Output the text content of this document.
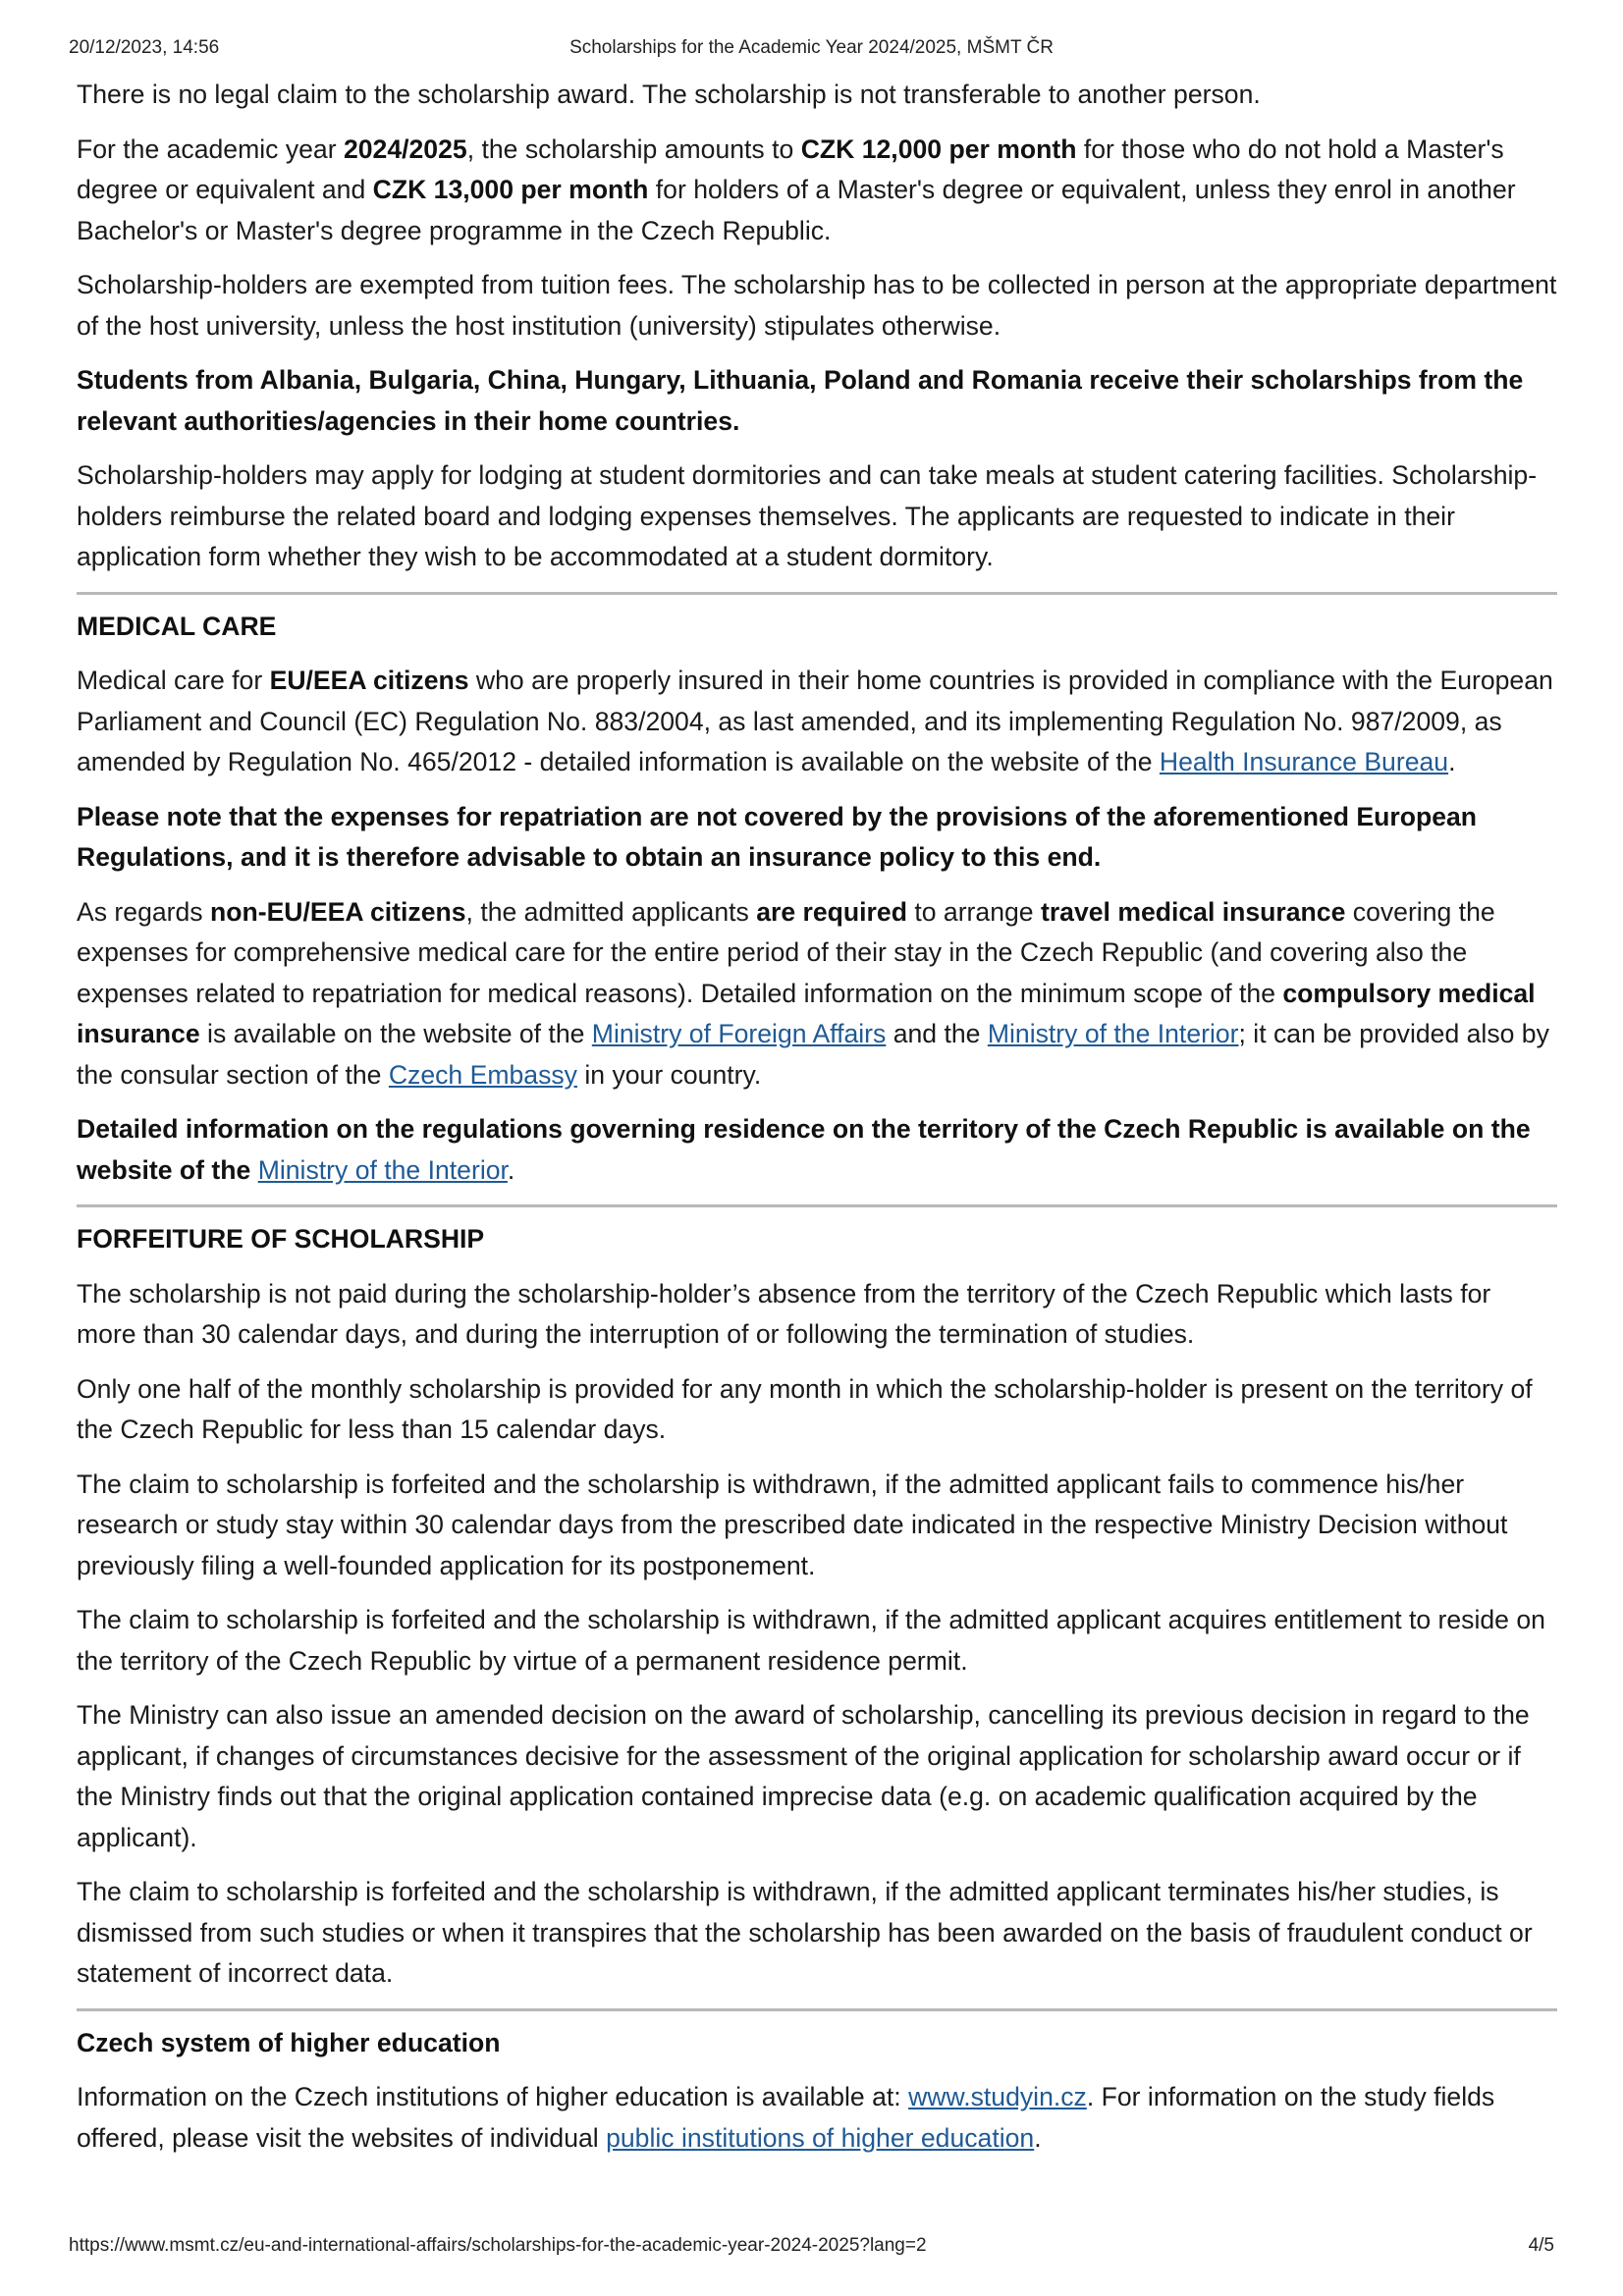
20/12/2023, 14:56	Scholarships for the Academic Year 2024/2025, MŠMT ČR

There is no legal claim to the scholarship award. The scholarship is not transferable to another person.

For the academic year 2024/2025, the scholarship amounts to CZK 12,000 per month for those who do not hold a Master's degree or equivalent and CZK 13,000 per month for holders of a Master's degree or equivalent, unless they enrol in another Bachelor's or Master's degree programme in the Czech Republic.

Scholarship-holders are exempted from tuition fees. The scholarship has to be collected in person at the appropriate department of the host university, unless the host institution (university) stipulates otherwise.

Students from Albania, Bulgaria, China, Hungary, Lithuania, Poland and Romania receive their scholarships from the relevant authorities/agencies in their home countries.

Scholarship-holders may apply for lodging at student dormitories and can take meals at student catering facilities. Scholarship-holders reimburse the related board and lodging expenses themselves. The applicants are requested to indicate in their application form whether they wish to be accommodated at a student dormitory.

MEDICAL CARE

Medical care for EU/EEA citizens who are properly insured in their home countries is provided in compliance with the European Parliament and Council (EC) Regulation No. 883/2004, as last amended, and its implementing Regulation No. 987/2009, as amended by Regulation No. 465/2012 - detailed information is available on the website of the Health Insurance Bureau.

Please note that the expenses for repatriation are not covered by the provisions of the aforementioned European Regulations, and it is therefore advisable to obtain an insurance policy to this end.

As regards non-EU/EEA citizens, the admitted applicants are required to arrange travel medical insurance covering the expenses for comprehensive medical care for the entire period of their stay in the Czech Republic (and covering also the expenses related to repatriation for medical reasons). Detailed information on the minimum scope of the compulsory medical insurance is available on the website of the Ministry of Foreign Affairs and the Ministry of the Interior; it can be provided also by the consular section of the Czech Embassy in your country.

Detailed information on the regulations governing residence on the territory of the Czech Republic is available on the website of the Ministry of the Interior.

FORFEITURE OF SCHOLARSHIP

The scholarship is not paid during the scholarship-holder’s absence from the territory of the Czech Republic which lasts for more than 30 calendar days, and during the interruption of or following the termination of studies.

Only one half of the monthly scholarship is provided for any month in which the scholarship-holder is present on the territory of the Czech Republic for less than 15 calendar days.

The claim to scholarship is forfeited and the scholarship is withdrawn, if the admitted applicant fails to commence his/her research or study stay within 30 calendar days from the prescribed date indicated in the respective Ministry Decision without previously filing a well-founded application for its postponement.

The claim to scholarship is forfeited and the scholarship is withdrawn, if the admitted applicant acquires entitlement to reside on the territory of the Czech Republic by virtue of a permanent residence permit.

The Ministry can also issue an amended decision on the award of scholarship, cancelling its previous decision in regard to the applicant, if changes of circumstances decisive for the assessment of the original application for scholarship award occur or if the Ministry finds out that the original application contained imprecise data (e.g. on academic qualification acquired by the applicant).

The claim to scholarship is forfeited and the scholarship is withdrawn, if the admitted applicant terminates his/her studies, is dismissed from such studies or when it transpires that the scholarship has been awarded on the basis of fraudulent conduct or statement of incorrect data.

Czech system of higher education

Information on the Czech institutions of higher education is available at: www.studyin.cz. For information on the study fields offered, please visit the websites of individual public institutions of higher education.

https://www.msmt.cz/eu-and-international-affairs/scholarships-for-the-academic-year-2024-2025?lang=2	4/5
